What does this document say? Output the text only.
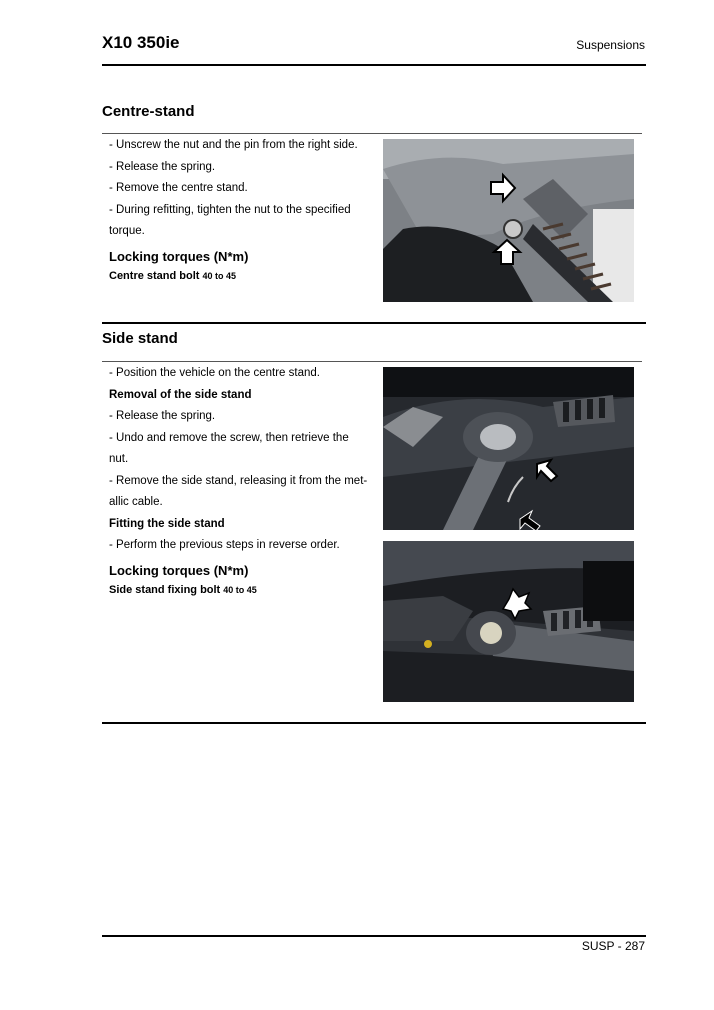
X10 350ie	Suspensions
Centre-stand

- Unscrew the nut and the pin from the right side.

- Release the spring.

- Remove the centre stand.

- During refitting, tighten the nut to the specified

torque.

Locking torques (N*m)

Centre stand bolt 40 to 45

Side stand

- Position the vehicle on the centre stand.

Removal of the side stand

- Release the spring.

- Undo and remove the screw, then retrieve the

nut.

- Remove the side stand, releasing it from the met-

allic cable.

Fitting the side stand

- Perform the previous steps in reverse order.

Locking torques (N*m)

Side stand fixing bolt 40 to 45

SUSP - 287
